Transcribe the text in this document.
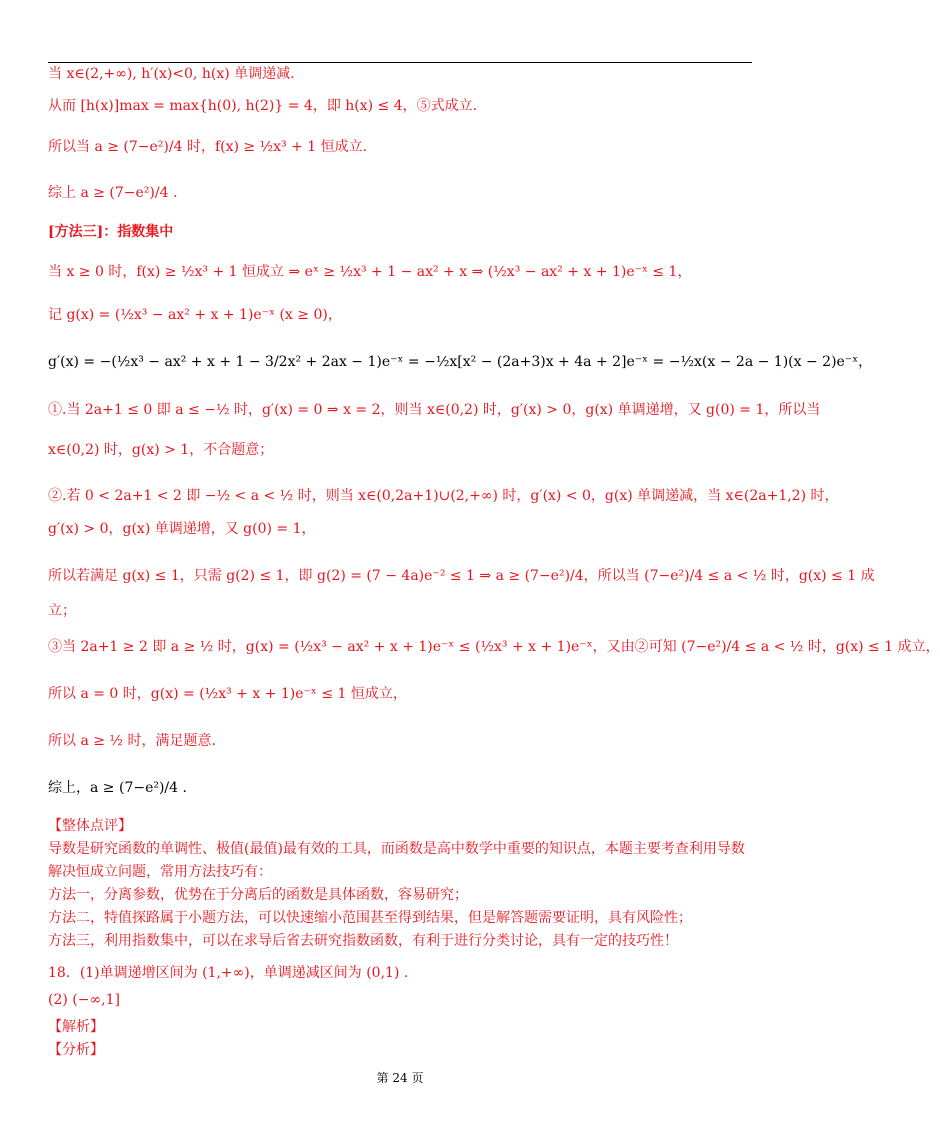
当 x∈(2,+∞), h′(x)<0, h(x) 单调递减.
从而 [h(x)]max = max{h(0), h(2)} = 4，即 h(x) ≤ 4，⑤式成立.
所以当 a ≥ (7−e²)/4 时，f(x) ≥ ½x³ + 1 恒成立.
综上 a ≥ (7−e²)/4 .
[方法三]：指数集中
当 x ≥ 0 时，f(x) ≥ ½x³ + 1 恒成立 ⇒ eˣ ≥ ½x³ + 1 − ax² + x ⇒ (½x³ − ax² + x + 1)e⁻ˣ ≤ 1，
记 g(x) = (½x³ − ax² + x + 1)e⁻ˣ (x ≥ 0)，
g′(x) = −(½x³ − ax² + x + 1 − 3/2x² + 2ax − 1)e⁻ˣ = −½x[x² − (2a+3)x + 4a + 2]e⁻ˣ = −½x(x − 2a − 1)(x − 2)e⁻ˣ，
①.当 2a+1 ≤ 0 即 a ≤ −½ 时，g′(x) = 0 ⇒ x = 2，则当 x∈(0,2) 时，g′(x) > 0，g(x) 单调递增，又 g(0) = 1，所以当
x∈(0,2) 时，g(x) > 1，不合题意；
②.若 0 < 2a+1 < 2 即 −½ < a < ½ 时，则当 x∈(0,2a+1)∪(2,+∞) 时，g′(x) < 0，g(x) 单调递减，当 x∈(2a+1,2) 时，
g′(x) > 0，g(x) 单调递增，又 g(0) = 1，
所以若满足 g(x) ≤ 1，只需 g(2) ≤ 1，即 g(2) = (7 − 4a)e⁻² ≤ 1 ⇒ a ≥ (7−e²)/4，所以当 (7−e²)/4 ≤ a < ½ 时，g(x) ≤ 1 成
立；
③当 2a+1 ≥ 2 即 a ≥ ½ 时，g(x) = (½x³ − ax² + x + 1)e⁻ˣ ≤ (½x³ + x + 1)e⁻ˣ，又由②可知 (7−e²)/4 ≤ a < ½ 时，g(x) ≤ 1 成立，
所以 a = 0 时，g(x) = (½x³ + x + 1)e⁻ˣ ≤ 1 恒成立，
所以 a ≥ ½ 时，满足题意.
综上，a ≥ (7−e²)/4 .
【整体点评】
导数是研究函数的单调性、极值(最值)最有效的工具，而函数是高中数学中重要的知识点，本题主要考查利用导数解决恒成立问题，常用方法技巧有：
方法一，分离参数，优势在于分离后的函数是具体函数，容易研究；
方法二，特值探路属于小题方法，可以快速缩小范围甚至得到结果，但是解答题需要证明，具有风险性；
方法三，利用指数集中，可以在求导后省去研究指数函数，有利于进行分类讨论，具有一定的技巧性！
18．(1)单调递增区间为 (1,+∞)，单调递减区间为 (0,1) .
(2) (−∞,1]
【解析】
【分析】
第 24 页
